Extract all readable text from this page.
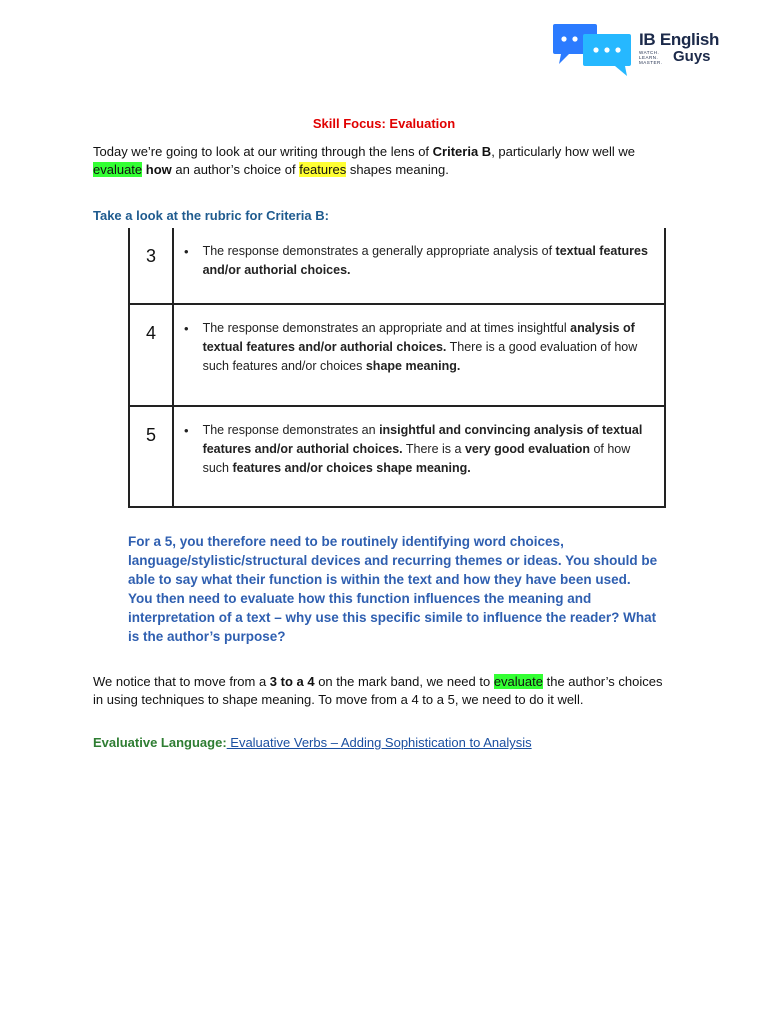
IB English
WATCH.
LEARN.
MASTER. Guys
Skill Focus: Evaluation
Today we’re going to look at our writing through the lens of Criteria B, particularly how well we evaluate how an author’s choice of features shapes meaning.
Take a look at the rubric for Criteria B:
3	• The response demonstrates a generally appropriate analysis of textual features and/or authorial choices.

4	• The response demonstrates an appropriate and at times insightful analysis of textual features and/or authorial choices. There is a good evaluation of how such features and/or choices shape meaning.

5	• The response demonstrates an insightful and convincing analysis of textual features and/or authorial choices. There is a very good evaluation of how such features and/or choices shape meaning.
For a 5, you therefore need to be routinely identifying word choices, language/stylistic/structural devices and recurring themes or ideas. You should be able to say what their function is within the text and how they have been used. You then need to evaluate how this function influences the meaning and interpretation of a text – why use this specific simile to influence the reader? What is the author’s purpose?
We notice that to move from a 3 to a 4 on the mark band, we need to evaluate the author’s choices in using techniques to shape meaning. To move from a 4 to a 5, we need to do it well.
Evaluative Language: Evaluative Verbs – Adding Sophistication to Analysis
